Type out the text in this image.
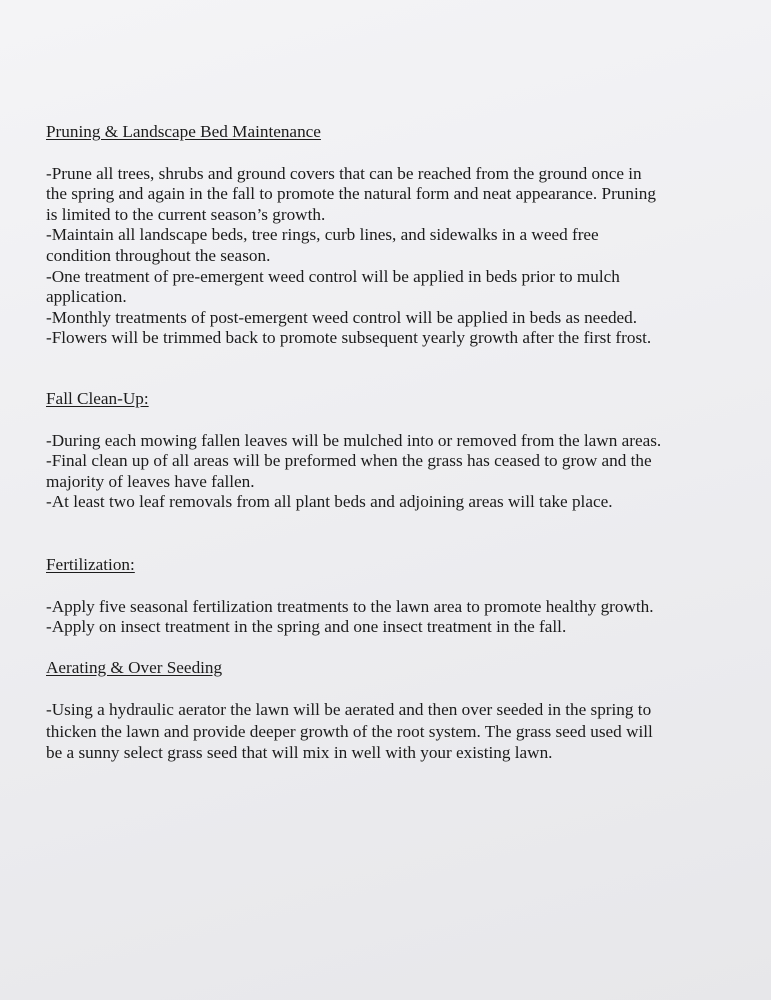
Pruning & Landscape Bed Maintenance
-Prune all trees, shrubs and ground covers that can be reached from the ground once in
the spring and again in the fall to promote the natural form and neat appearance. Pruning
is limited to the current season’s growth.
-Maintain all landscape beds, tree rings, curb lines, and sidewalks in a weed free
condition throughout the season.
-One treatment of pre-emergent weed control will be applied in beds prior to mulch
application.
-Monthly treatments of post-emergent weed control will be applied in beds as needed.
-Flowers will be trimmed back to promote subsequent yearly growth after the first frost.
Fall Clean-Up:
-During each mowing fallen leaves will be mulched into or removed from the lawn areas.
-Final clean up of all areas will be preformed when the grass has ceased to grow and the
majority of leaves have fallen.
-At least two leaf removals from all plant beds and adjoining areas will take place.
Fertilization:
-Apply five seasonal fertilization treatments to the lawn area to promote healthy growth.
-Apply on insect treatment in the spring and one insect treatment in the fall.
Aerating & Over Seeding
-Using a hydraulic aerator the lawn will be aerated and then over seeded in the spring to
thicken the lawn and provide deeper growth of the root system. The grass seed used will
be a sunny select grass seed that will mix in well with your existing lawn.
